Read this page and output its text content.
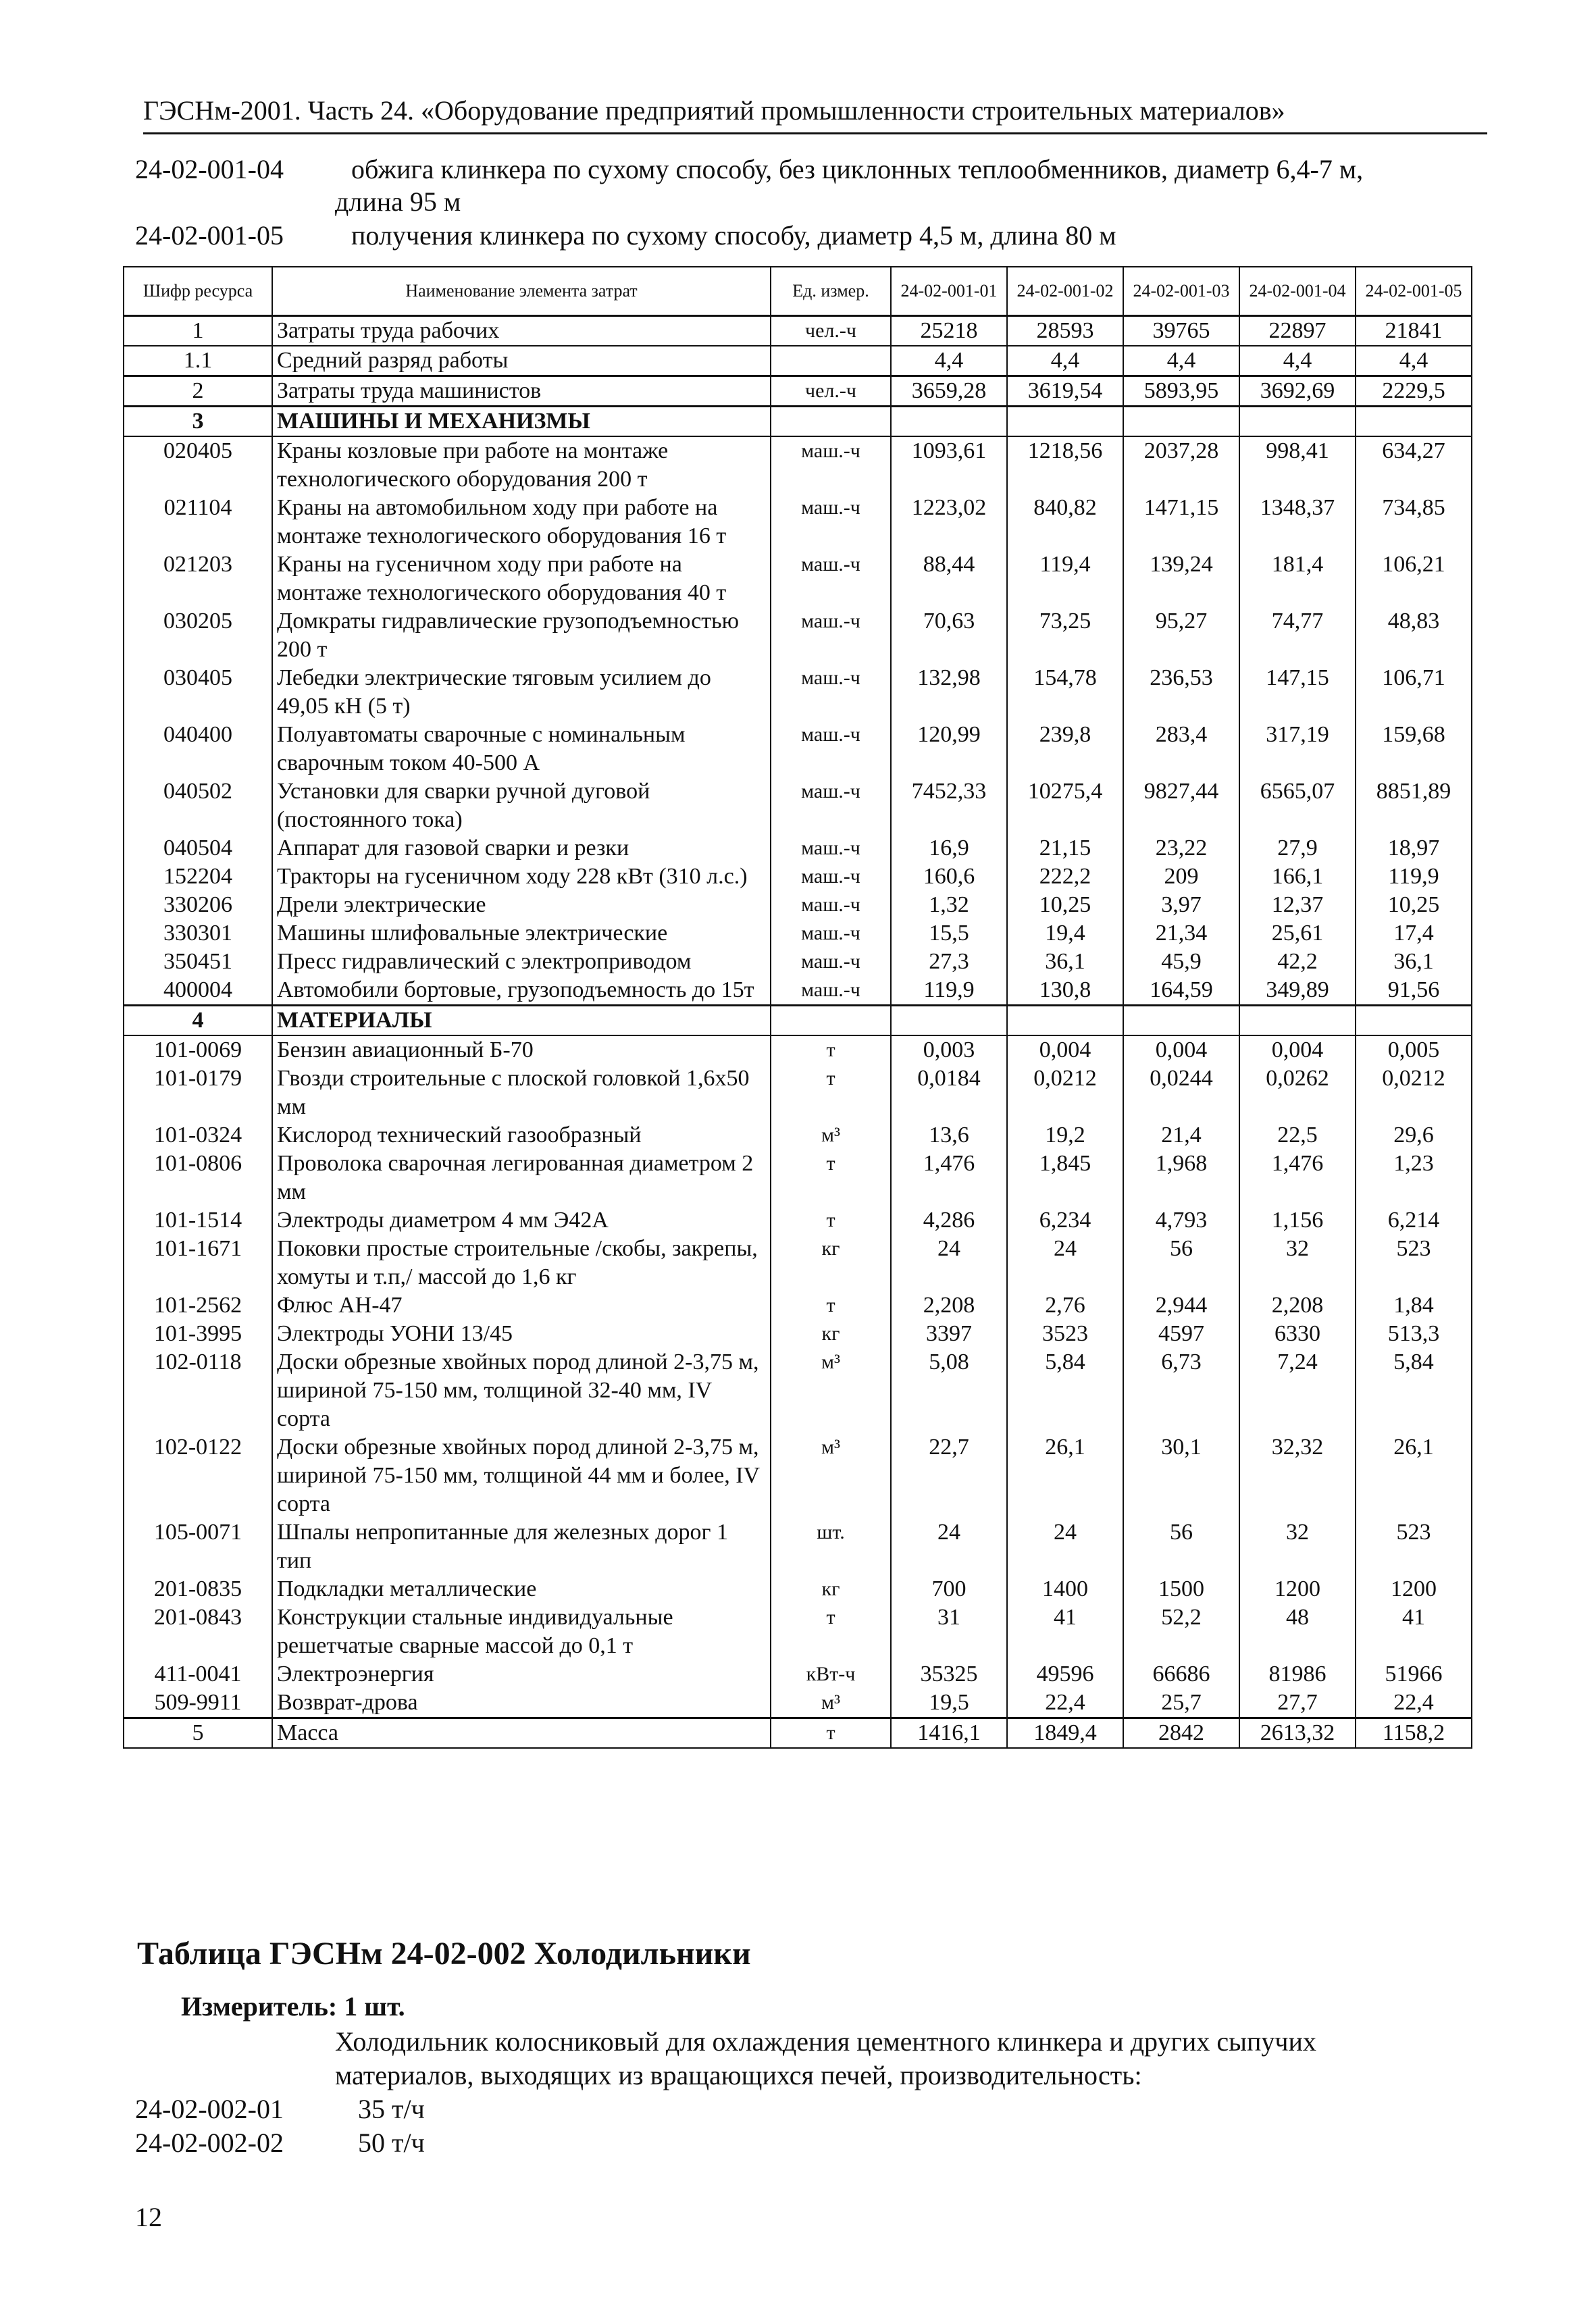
ГЭСНм-2001. Часть 24. «Оборудование предприятий промышленности строительных материалов»
24-02-001-04	обжига клинкера по сухому способу, без циклонных теплообменников, диаметр 6,4-7 м,
длина 95 м
24-02-001-05	получения клинкера по сухому способу, диаметр 4,5 м, длина 80 м
Шифр ресурса	Наименование элемента затрат	Ед. измер.	24-02-001-01	24-02-001-02	24-02-001-03	24-02-001-04	24-02-001-05
1	Затраты труда рабочих	чел.-ч	25218	28593	39765	22897	21841
1.1	Средний разряд работы		4,4	4,4	4,4	4,4	4,4
2	Затраты труда машинистов	чел.-ч	3659,28	3619,54	5893,95	3692,69	2229,5
3	МАШИНЫ И МЕХАНИЗМЫ						
020405	Краны козловые при работе на монтаже технологического оборудования 200 т	маш.-ч	1093,61	1218,56	2037,28	998,41	634,27
021104	Краны на автомобильном ходу при работе на монтаже технологического оборудования 16 т	маш.-ч	1223,02	840,82	1471,15	1348,37	734,85
021203	Краны на гусеничном ходу при работе на монтаже технологического оборудования 40 т	маш.-ч	88,44	119,4	139,24	181,4	106,21
030205	Домкраты гидравлические грузоподъемностью 200 т	маш.-ч	70,63	73,25	95,27	74,77	48,83
030405	Лебедки электрические тяговым усилием до 49,05 кН (5 т)	маш.-ч	132,98	154,78	236,53	147,15	106,71
040400	Полуавтоматы сварочные с номинальным сварочным током 40-500 А	маш.-ч	120,99	239,8	283,4	317,19	159,68
040502	Установки для сварки ручной дуговой (постоянного тока)	маш.-ч	7452,33	10275,4	9827,44	6565,07	8851,89
040504	Аппарат для газовой сварки и резки	маш.-ч	16,9	21,15	23,22	27,9	18,97
152204	Тракторы на гусеничном ходу 228 кВт (310 л.с.)	маш.-ч	160,6	222,2	209	166,1	119,9
330206	Дрели электрические	маш.-ч	1,32	10,25	3,97	12,37	10,25
330301	Машины шлифовальные электрические	маш.-ч	15,5	19,4	21,34	25,61	17,4
350451	Пресс гидравлический с электроприводом	маш.-ч	27,3	36,1	45,9	42,2	36,1
400004	Автомобили бортовые, грузоподъемность до 15т	маш.-ч	119,9	130,8	164,59	349,89	91,56
4	МАТЕРИАЛЫ						
101-0069	Бензин авиационный Б-70	т	0,003	0,004	0,004	0,004	0,005
101-0179	Гвозди строительные с плоской головкой 1,6х50 мм	т	0,0184	0,0212	0,0244	0,0262	0,0212
101-0324	Кислород технический газообразный	м³	13,6	19,2	21,4	22,5	29,6
101-0806	Проволока сварочная легированная диаметром 2 мм	т	1,476	1,845	1,968	1,476	1,23
101-1514	Электроды диаметром 4 мм Э42А	т	4,286	6,234	4,793	1,156	6,214
101-1671	Поковки простые строительные /скобы, закрепы, хомуты и т.п,/ массой до 1,6 кг	кг	24	24	56	32	523
101-2562	Флюс АН-47	т	2,208	2,76	2,944	2,208	1,84
101-3995	Электроды УОНИ 13/45	кг	3397	3523	4597	6330	513,3
102-0118	Доски обрезные хвойных пород длиной 2-3,75 м, шириной 75-150 мм, толщиной 32-40 мм, IV сорта	м³	5,08	5,84	6,73	7,24	5,84
102-0122	Доски обрезные хвойных пород длиной 2-3,75 м, шириной 75-150 мм, толщиной 44 мм и более, IV сорта	м³	22,7	26,1	30,1	32,32	26,1
105-0071	Шпалы непропитанные для железных дорог 1 тип	шт.	24	24	56	32	523
201-0835	Подкладки металлические	кг	700	1400	1500	1200	1200
201-0843	Конструкции стальные индивидуальные решетчатые сварные массой до 0,1 т	т	31	41	52,2	48	41
411-0041	Электроэнергия	кВт-ч	35325	49596	66686	81986	51966
509-9911	Возврат-дрова	м³	19,5	22,4	25,7	27,7	22,4
5	Масса	т	1416,1	1849,4	2842	2613,32	1158,2
Таблица ГЭСНм 24-02-002 Холодильники
Измеритель: 1 шт.
Холодильник колосниковый для охлаждения цементного клинкера и других сыпучих материалов, выходящих из вращающихся печей, производительность:
24-02-002-01	35 т/ч
24-02-002-02	50 т/ч
12
